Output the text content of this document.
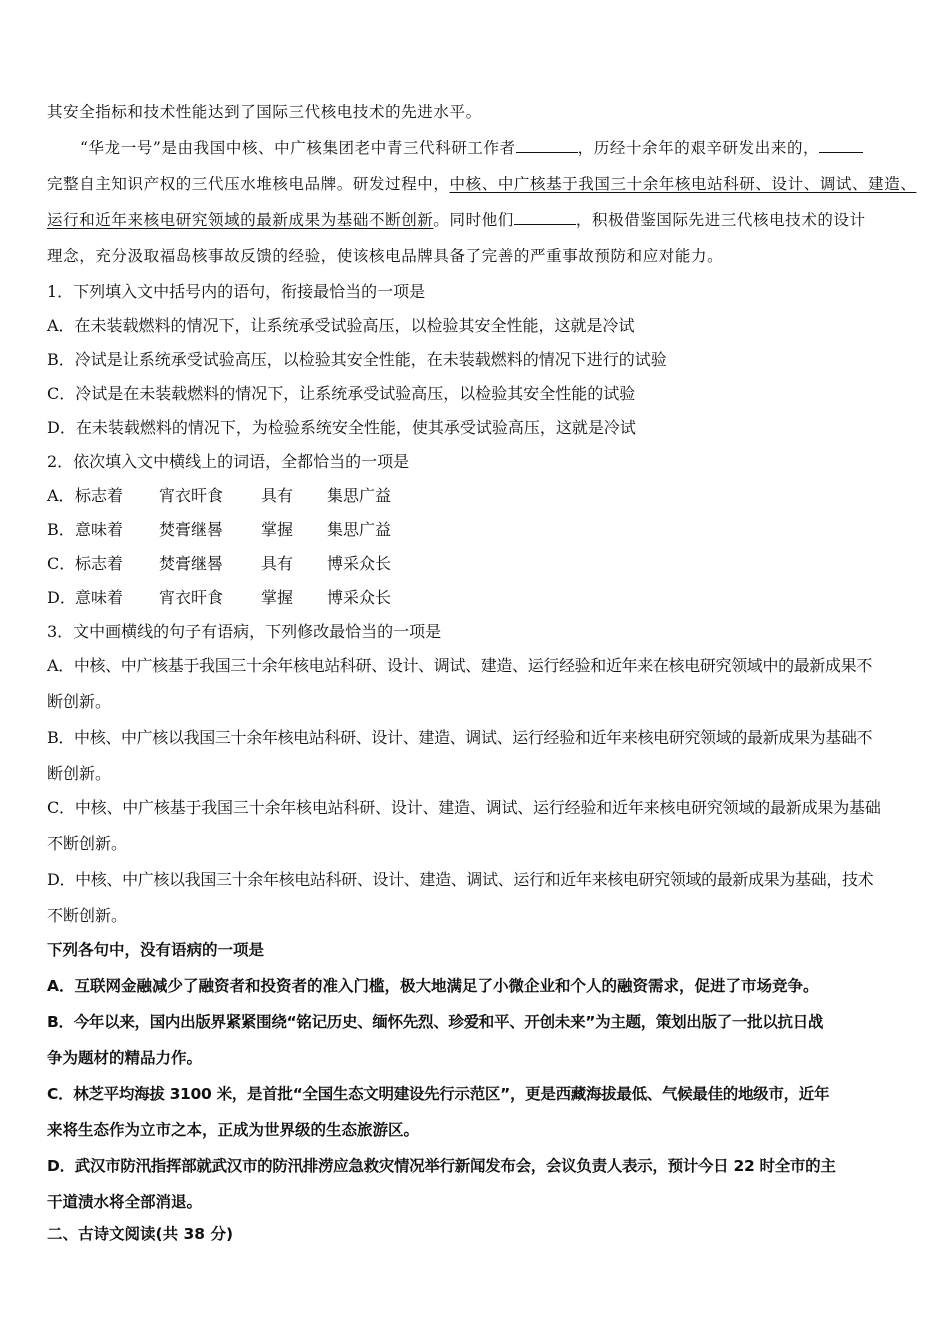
其安全指标和技术性能达到了国际三代核电技术的先进水平。
“华龙一号”是由我国中核、中广核集团老中青三代科研工作者	，历经十余年的艰辛研发出来的，
完整自主知识产权的三代压水堆核电品牌。研发过程中，中核、中广核基于我国三十余年核电站科研、设计、调试、建造、
运行和近年来核电研究领域的最新成果为基础不断创新。同时他们	，积极借鉴国际先进三代核电技术的设计
理念，充分汲取福岛核事故反馈的经验，使该核电品牌具备了完善的严重事故预防和应对能力。
1．下列填入文中括号内的语句，衔接最恰当的一项是
A．在未装载燃料的情况下，让系统承受试验高压，以检验其安全性能，这就是冷试
B．冷试是让系统承受试验高压，以检验其安全性能，在未装载燃料的情况下进行的试验
C．冷试是在未装载燃料的情况下，让系统承受试验高压，以检验其安全性能的试验
D．在未装载燃料的情况下，为检验系统安全性能，使其承受试验高压，这就是冷试
2．依次填入文中横线上的词语，全都恰当的一项是
A．标志着 宵衣旰食 具有 集思广益
B．意味着 焚膏继晷 掌握 集思广益
C．标志着 焚膏继晷 具有 博采众长
D．意味着 宵衣旰食 掌握 博采众长
3．文中画横线的句子有语病，下列修改最恰当的一项是
A．中核、中广核基于我国三十余年核电站科研、设计、调试、建造、运行经验和近年来在核电研究领域中的最新成果不
断创新。
B．中核、中广核以我国三十余年核电站科研、设计、建造、调试、运行经验和近年来核电研究领域的最新成果为基础不
断创新。
C．中核、中广核基于我国三十余年核电站科研、设计、建造、调试、运行经验和近年来核电研究领域的最新成果为基础
不断创新。
D．中核、中广核以我国三十余年核电站科研、设计、建造、调试、运行和近年来核电研究领域的最新成果为基础，技术
不断创新。
下列各句中，没有语病的一项是
A．互联网金融减少了融资者和投资者的准入门槛，极大地满足了小微企业和个人的融资需求，促进了市场竞争。
B．今年以来，国内出版界紧紧围绕“铭记历史、缅怀先烈、珍爱和平、开创未来”为主题，策划出版了一批以抗日战
争为题材的精品力作。
C．林芝平均海拔 3100 米，是首批“全国生态文明建设先行示范区”，更是西藏海拔最低、气候最佳的地级市，近年
来将生态作为立市之本，正成为世界级的生态旅游区。
D．武汉市防汛指挥部就武汉市的防汛排涝应急救灾情况举行新闻发布会，会议负责人表示，预计今日 22 时全市的主
干道渍水将全部消退。
二、古诗文阅读(共 38 分)
